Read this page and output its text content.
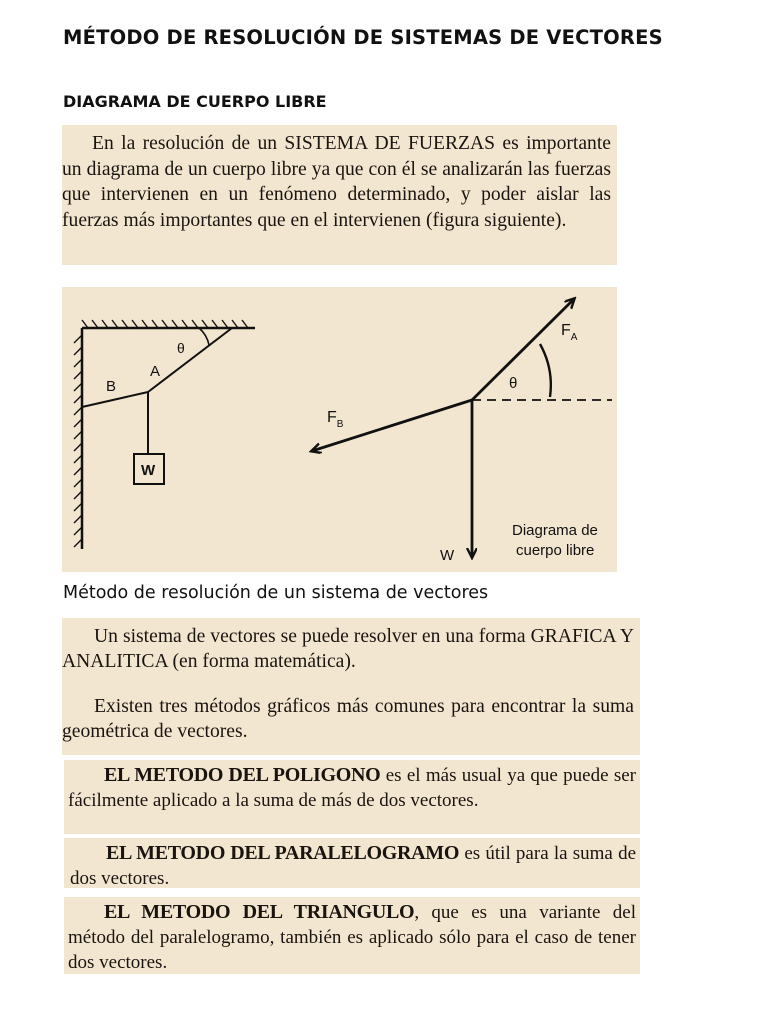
MÉTODO DE RESOLUCIÓN DE SISTEMAS DE VECTORES
DIAGRAMA DE CUERPO LIBRE

En la resolución de un SISTEMA DE FUERZAS es importante un diagrama de un cuerpo libre ya que con él se analizarán las fuerzas que intervienen en un fenómeno determinado, y poder aislar las fuerzas más importantes que en el intervienen (figura siguiente).

θ
A
B
W
θ
$F_A$
$F_B$
W
Diagrama de
cuerpo libre
Método de resolución de un sistema de vectores

Un sistema de vectores se puede resolver en una forma GRAFICA Y ANALITICA (en forma matemática).

Existen tres métodos gráficos más comunes para encontrar la suma geométrica de vectores.

EL METODO DEL POLIGONO es el más usual ya que puede ser fácilmente aplicado a la suma de más de dos vectores.

EL METODO DEL PARALELOGRAMO es útil para la suma de dos vectores.

EL METODO DEL TRIANGULO, que es una variante del método del paralelogramo, también es aplicado sólo para el caso de tener dos vectores.
